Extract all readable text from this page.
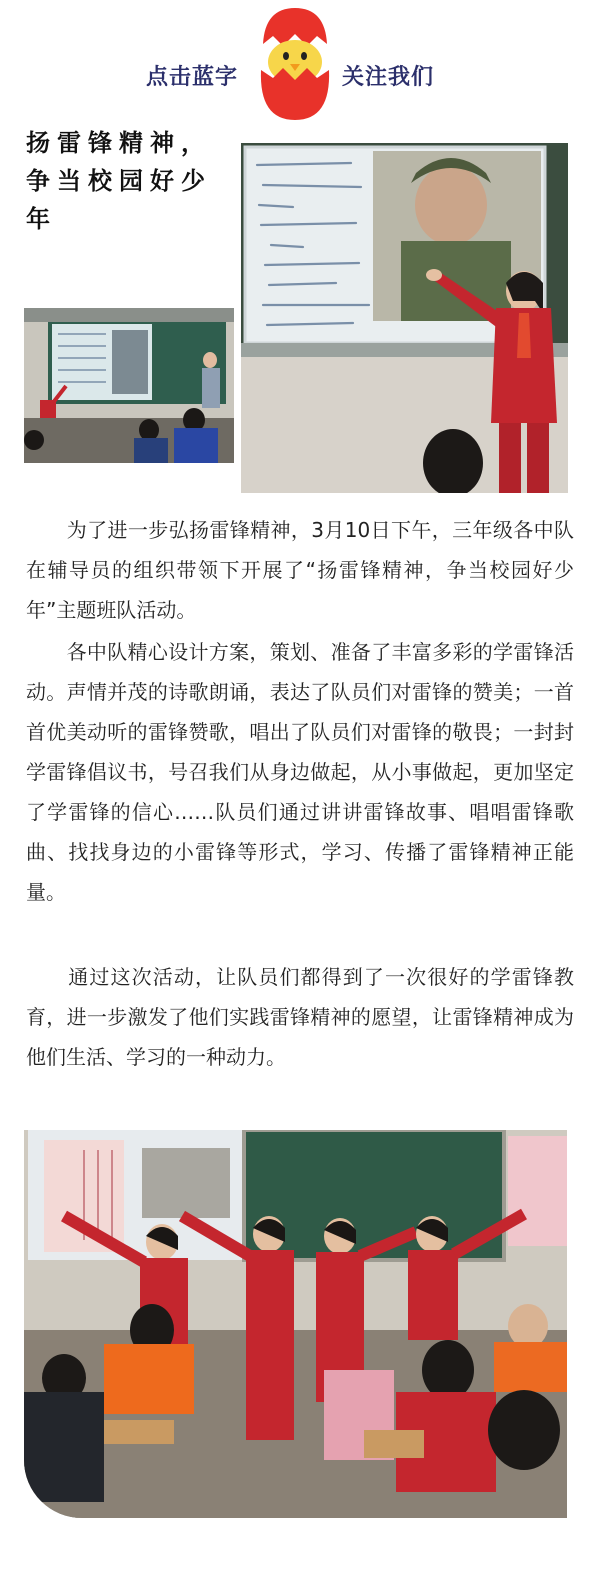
点击蓝字	关注我们
扬雷锋精神，
争当校园好少
年

　　为了进一步弘扬雷锋精神，3月10日下午，三年级各中队在辅导员的组织带领下开展了“扬雷锋精神，争当校园好少年”主题班队活动。

　　各中队精心设计方案，策划、准备了丰富多彩的学雷锋活动。声情并茂的诗歌朗诵，表达了队员们对雷锋的赞美；一首首优美动听的雷锋赞歌，唱出了队员们对雷锋的敬畏；一封封学雷锋倡议书，号召我们从身边做起，从小事做起，更加坚定了学雷锋的信心……队员们通过讲讲雷锋故事、唱唱雷锋歌曲、找找身边的小雷锋等形式，学习、传播了雷锋精神正能量。

　　通过这次活动，让队员们都得到了一次很好的学雷锋教育，进一步激发了他们实践雷锋精神的愿望，让雷锋精神成为他们生活、学习的一种动力。
